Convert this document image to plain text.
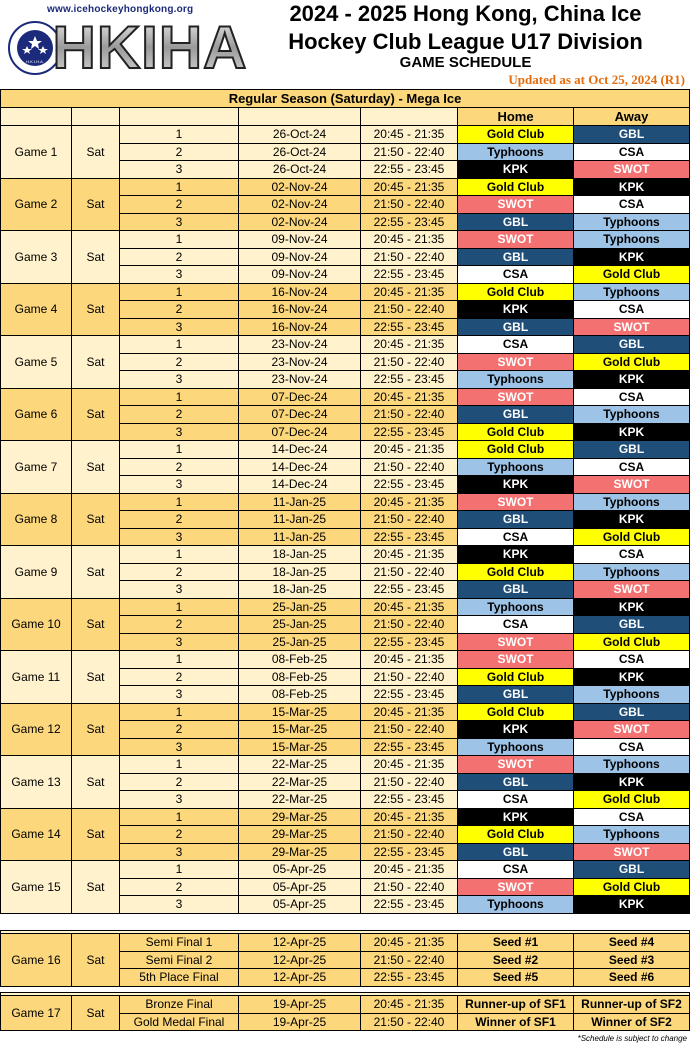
www.icehockeyhongkong.org
H.K.I.H.A. HKIHA
2024 - 2025 Hong Kong, China Ice
Hockey Club League U17 Division
GAME SCHEDULE
Updated as at Oct 25, 2024 (R1)
Regular Season (Saturday) - Mega Ice						
					Home	Away
Game 1	Sat	1	26-Oct-24	20:45 - 21:35	Gold Club	GBL
		2	26-Oct-24	21:50 - 22:40	Typhoons	CSA
		3	26-Oct-24	22:55 - 23:45	KPK	SWOT
Game 2	Sat	1	02-Nov-24	20:45 - 21:35	Gold Club	KPK
		2	02-Nov-24	21:50 - 22:40	SWOT	CSA
		3	02-Nov-24	22:55 - 23:45	GBL	Typhoons
Game 3	Sat	1	09-Nov-24	20:45 - 21:35	SWOT	Typhoons
		2	09-Nov-24	21:50 - 22:40	GBL	KPK
		3	09-Nov-24	22:55 - 23:45	CSA	Gold Club
Game 4	Sat	1	16-Nov-24	20:45 - 21:35	Gold Club	Typhoons
		2	16-Nov-24	21:50 - 22:40	KPK	CSA
		3	16-Nov-24	22:55 - 23:45	GBL	SWOT
Game 5	Sat	1	23-Nov-24	20:45 - 21:35	CSA	GBL
		2	23-Nov-24	21:50 - 22:40	SWOT	Gold Club
		3	23-Nov-24	22:55 - 23:45	Typhoons	KPK
Game 6	Sat	1	07-Dec-24	20:45 - 21:35	SWOT	CSA
		2	07-Dec-24	21:50 - 22:40	GBL	Typhoons
		3	07-Dec-24	22:55 - 23:45	Gold Club	KPK
Game 7	Sat	1	14-Dec-24	20:45 - 21:35	Gold Club	GBL
		2	14-Dec-24	21:50 - 22:40	Typhoons	CSA
		3	14-Dec-24	22:55 - 23:45	KPK	SWOT
Game 8	Sat	1	11-Jan-25	20:45 - 21:35	SWOT	Typhoons
		2	11-Jan-25	21:50 - 22:40	GBL	KPK
		3	11-Jan-25	22:55 - 23:45	CSA	Gold Club
Game 9	Sat	1	18-Jan-25	20:45 - 21:35	KPK	CSA
		2	18-Jan-25	21:50 - 22:40	Gold Club	Typhoons
		3	18-Jan-25	22:55 - 23:45	GBL	SWOT
Game 10	Sat	1	25-Jan-25	20:45 - 21:35	Typhoons	KPK
		2	25-Jan-25	21:50 - 22:40	CSA	GBL
		3	25-Jan-25	22:55 - 23:45	SWOT	Gold Club
Game 11	Sat	1	08-Feb-25	20:45 - 21:35	SWOT	CSA
		2	08-Feb-25	21:50 - 22:40	Gold Club	KPK
		3	08-Feb-25	22:55 - 23:45	GBL	Typhoons
Game 12	Sat	1	15-Mar-25	20:45 - 21:35	Gold Club	GBL
		2	15-Mar-25	21:50 - 22:40	KPK	SWOT
		3	15-Mar-25	22:55 - 23:45	Typhoons	CSA
Game 13	Sat	1	22-Mar-25	20:45 - 21:35	SWOT	Typhoons
		2	22-Mar-25	21:50 - 22:40	GBL	KPK
		3	22-Mar-25	22:55 - 23:45	CSA	Gold Club
Game 14	Sat	1	29-Mar-25	20:45 - 21:35	KPK	CSA
		2	29-Mar-25	21:50 - 22:40	Gold Club	Typhoons
		3	29-Mar-25	22:55 - 23:45	GBL	SWOT
Game 15	Sat	1	05-Apr-25	20:45 - 21:35	CSA	GBL
		2	05-Apr-25	21:50 - 22:40	SWOT	Gold Club
		3	05-Apr-25	22:55 - 23:45	Typhoons	KPK

Game 16	Sat	Semi Final 1	12-Apr-25	20:45 - 21:35	Seed #1	Seed #4
		Semi Final 2	12-Apr-25	21:50 - 22:40	Seed #2	Seed #3
		5th Place Final	12-Apr-25	22:55 - 23:45	Seed #5	Seed #6

Game 17	Sat	Bronze Final	19-Apr-25	20:45 - 21:35	Runner-up of SF1	Runner-up of SF2
		Gold Medal Final	19-Apr-25	21:50 - 22:40	Winner of SF1	Winner of SF2
*Schedule is subject to change
